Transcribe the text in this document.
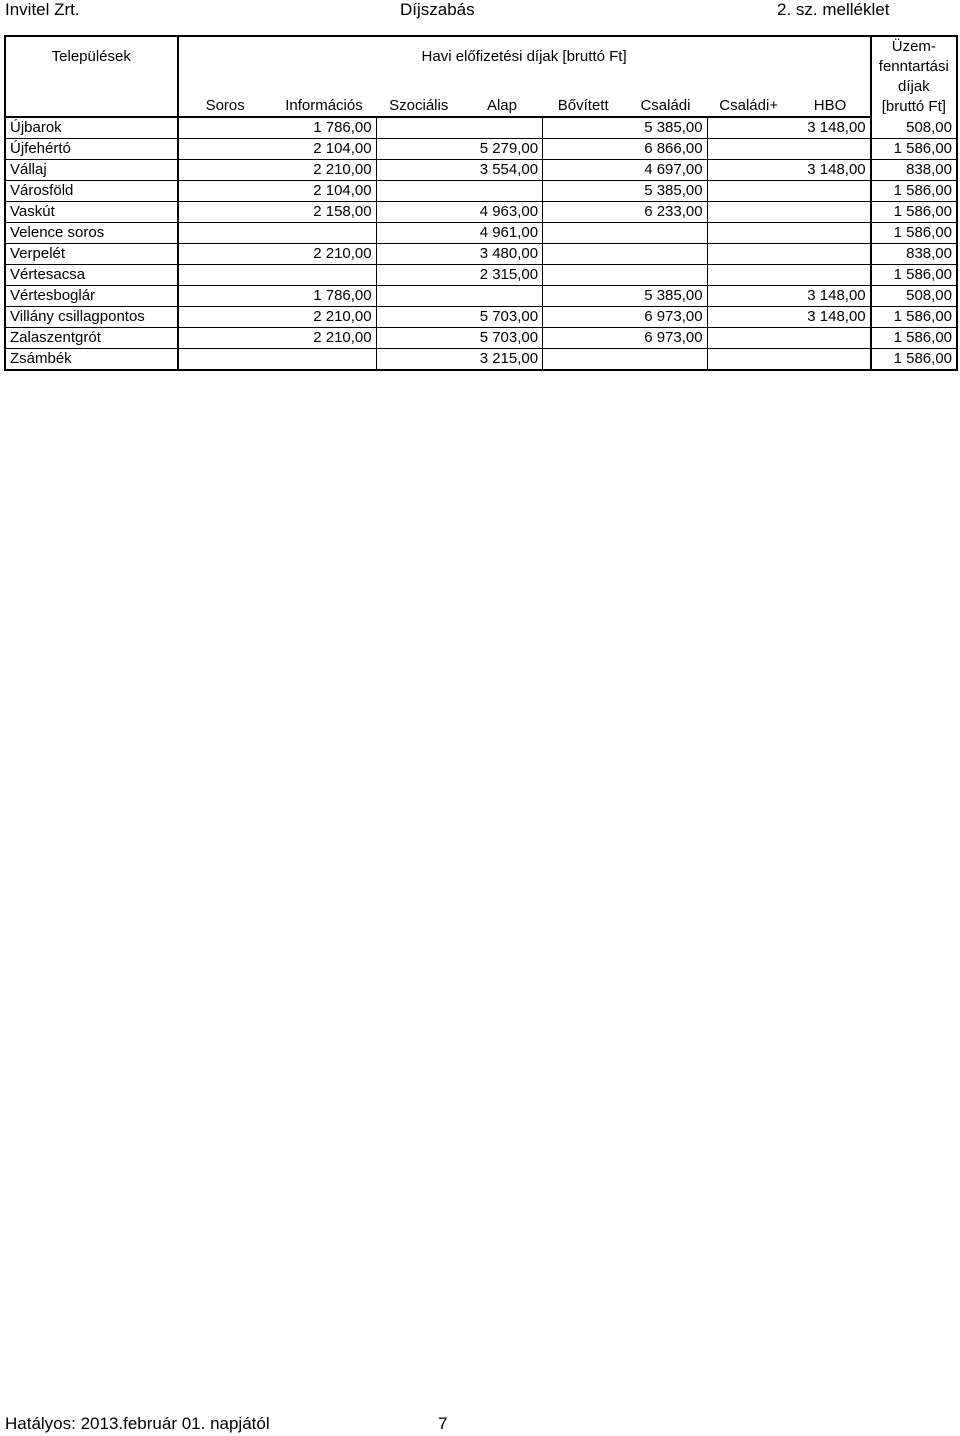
Invitel Zrt.	Díjszabás	2. sz. melléklet
Települések	Havi előfizetési díjak [bruttó Ft]								Üzem-
fenntartási
díjak
[bruttó Ft]

	Soros	Információs	Szociális	Alap	Bővített	Családi	Családi+	HBO	
Újbarok		1 786,00				5 385,00		3 148,00	508,00
Újfehértó		2 104,00		5 279,00		6 866,00			1 586,00
Vállaj		2 210,00		3 554,00		4 697,00		3 148,00	838,00
Városföld		2 104,00				5 385,00			1 586,00
Vaskút		2 158,00		4 963,00		6 233,00			1 586,00
Velence soros				4 961,00					1 586,00
Verpelét		2 210,00		3 480,00					838,00
Vértesacsa				2 315,00					1 586,00
Vértesboglár		1 786,00				5 385,00		3 148,00	508,00
Villány csillagpontos		2 210,00		5 703,00		6 973,00		3 148,00	1 586,00
Zalaszentgrót		2 210,00		5 703,00		6 973,00			1 586,00
Zsámbék				3 215,00					1 586,00
Hatályos: 2013.február 01. napjától	7
